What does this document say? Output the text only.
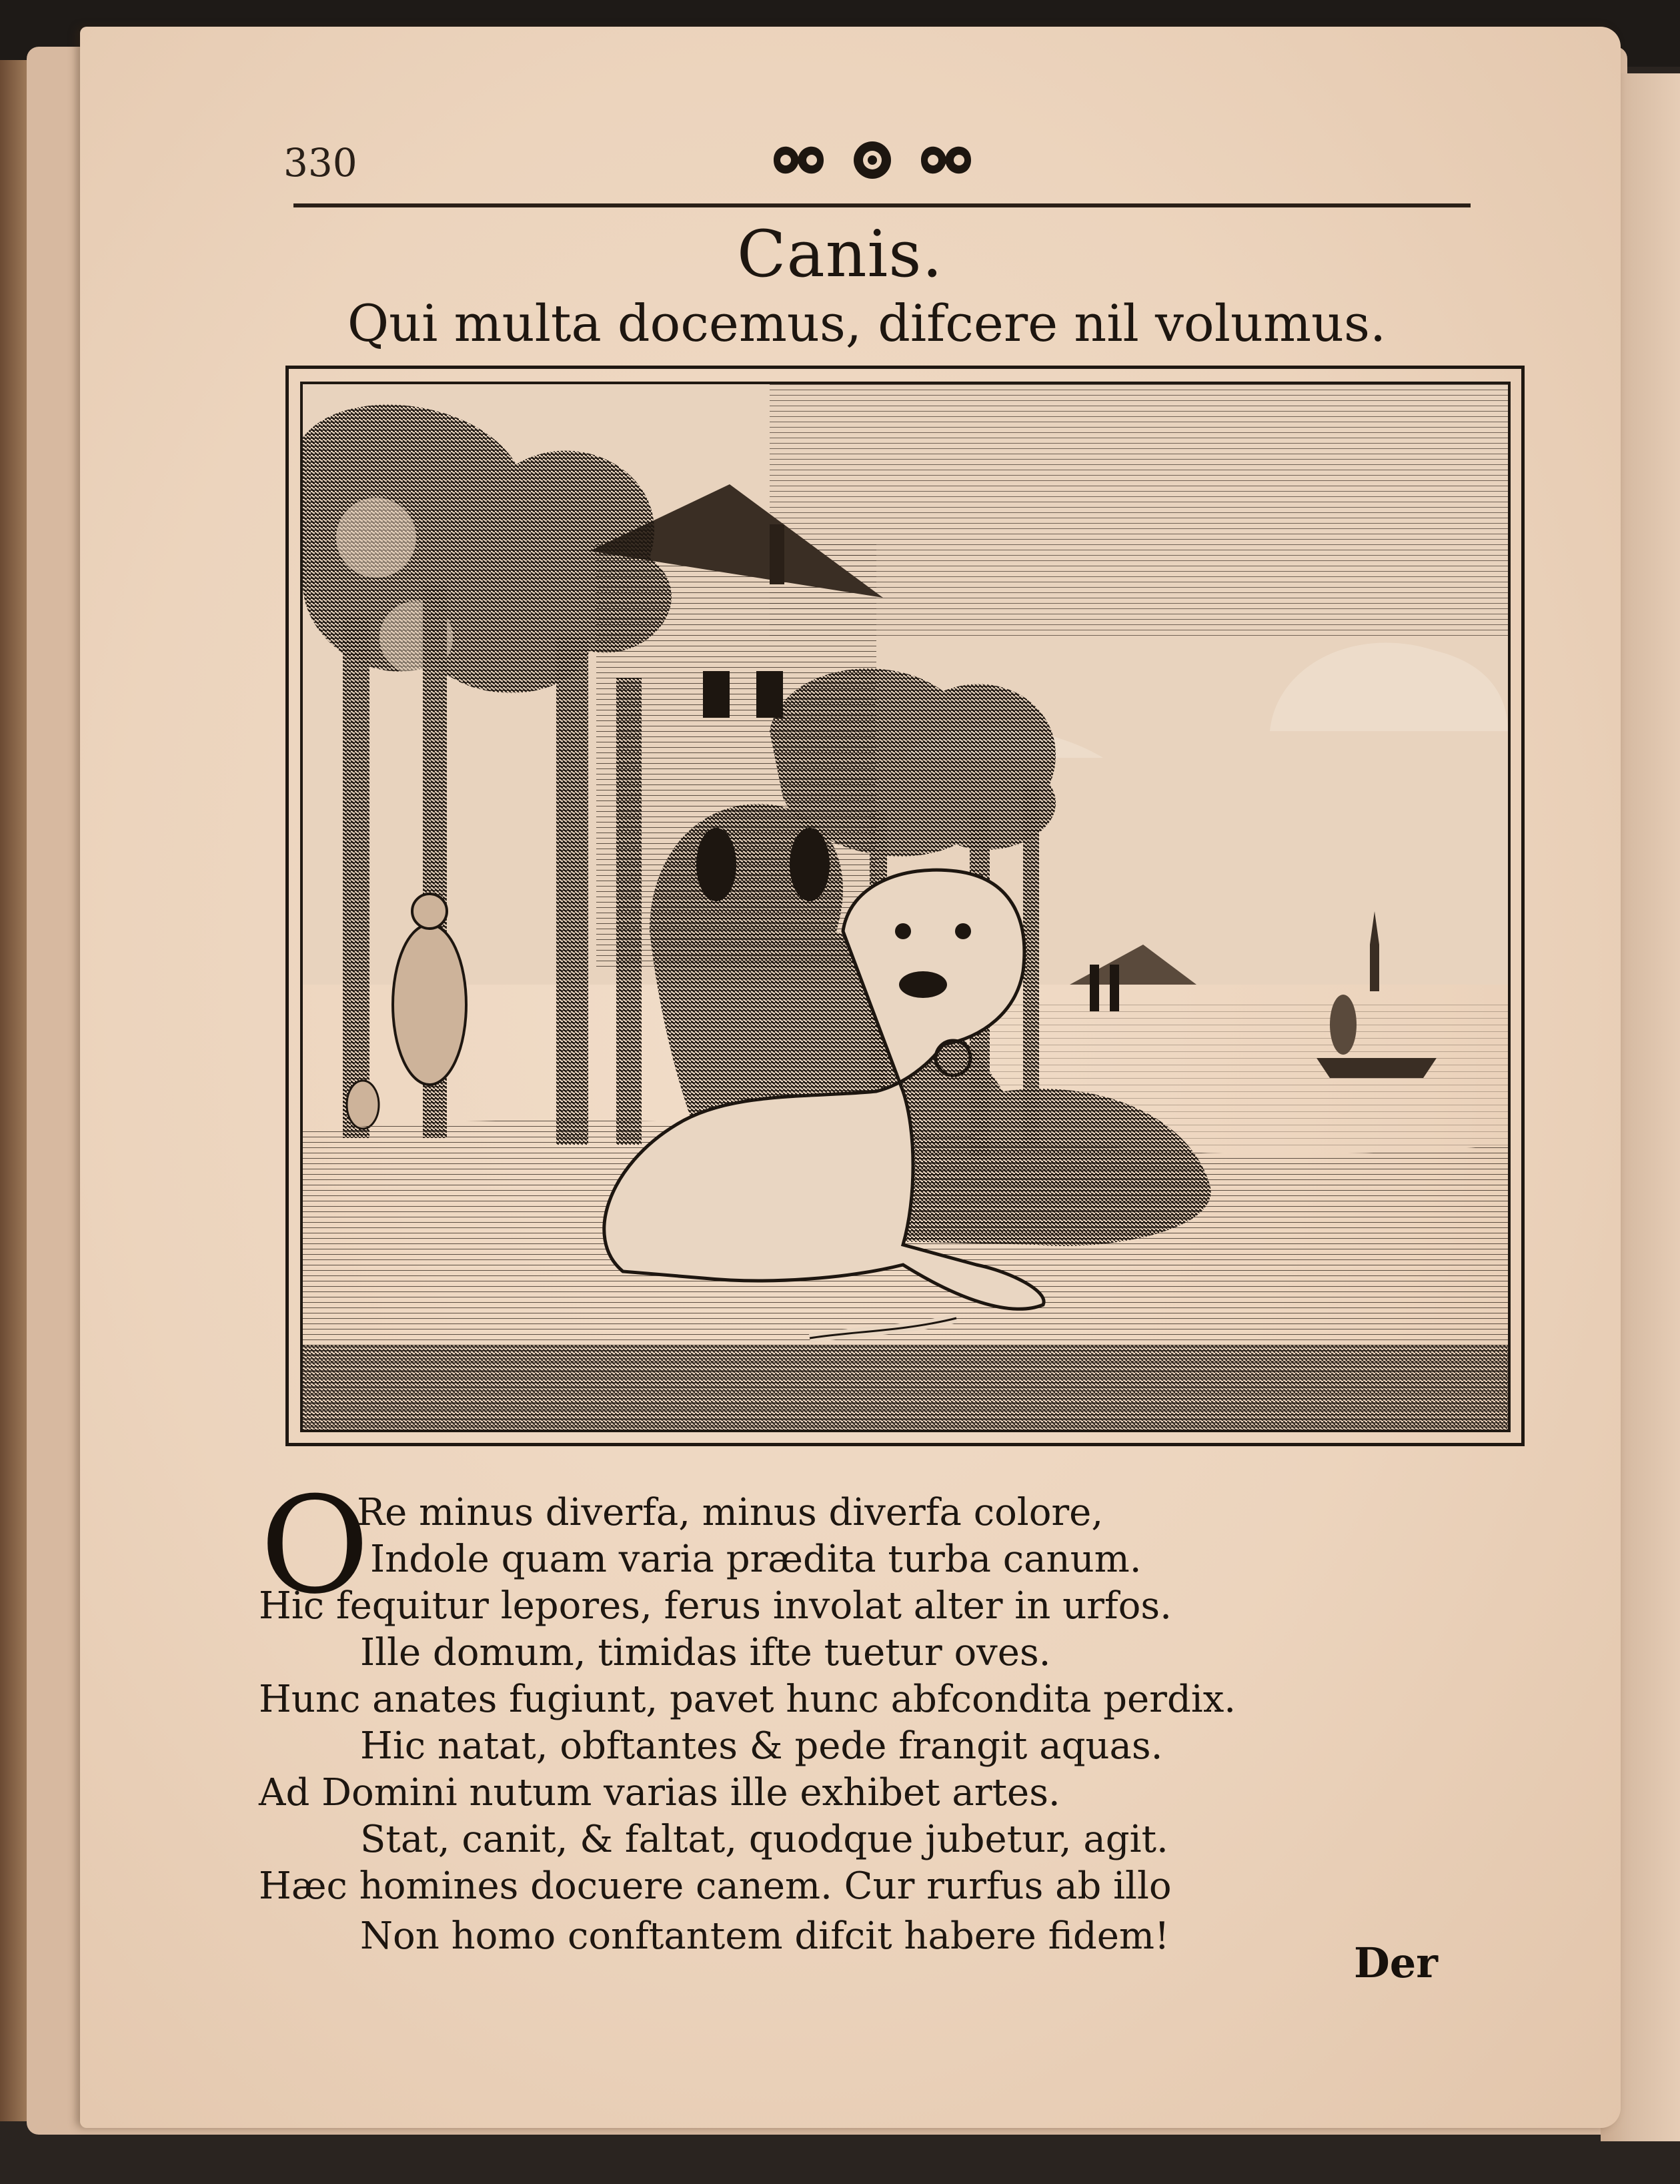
330
Canis.
Qui multa docemus, difcere nil volumus.
O
Re minus diverfa, minus diverfa colore,
Indole quam varia prædita turba canum.
Hic fequitur lepores, ferus involat alter in urfos.
Ille domum, timidas ifte tuetur oves.
Hunc anates fugiunt, pavet hunc abfcondita perdix.
Hic natat, obftantes & pede frangit aquas.
Ad Domini nutum varias ille exhibet artes.
Stat, canit, & faltat, quodque jubetur, agit.
Hæc homines docuere canem. Cur rurfus ab illo
Non homo conftantem difcit habere fidem!
Der
